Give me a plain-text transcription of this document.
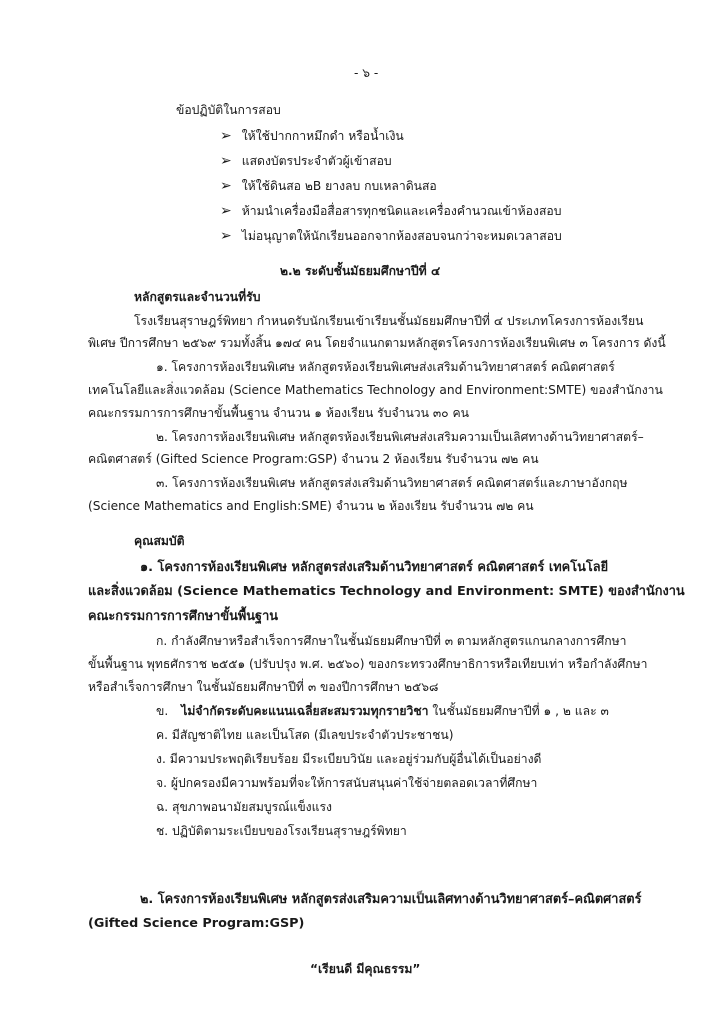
- ๖ -
ข้อปฏิบัติในการสอบ
➢ ให้ใช้ปากกาหมึกดำ หรือน้ำเงิน
➢ แสดงบัตรประจำตัวผู้เข้าสอบ
➢ ให้ใช้ดินสอ ๒B ยางลบ กบเหลาดินสอ
➢ ห้ามนำเครื่องมือสื่อสารทุกชนิดและเครื่องคำนวณเข้าห้องสอบ
➢ ไม่อนุญาตให้นักเรียนออกจากห้องสอบจนกว่าจะหมดเวลาสอบ
๒.๒ ระดับชั้นมัธยมศึกษาปีที่ ๔
หลักสูตรและจำนวนที่รับ
โรงเรียนสุราษฎร์พิทยา กำหนดรับนักเรียนเข้าเรียนชั้นมัธยมศึกษาปีที่ ๔ ประเภทโครงการห้องเรียน
พิเศษ ปีการศึกษา ๒๕๖๙ รวมทั้งสิ้น ๑๗๔ คน โดยจำแนกตามหลักสูตรโครงการห้องเรียนพิเศษ ๓ โครงการ ดังนี้
๑. โครงการห้องเรียนพิเศษ หลักสูตรห้องเรียนพิเศษส่งเสริมด้านวิทยาศาสตร์ คณิตศาสตร์
เทคโนโลยีและสิ่งแวดล้อม (Science Mathematics Technology and Environment:SMTE) ของสำนักงาน
คณะกรรมการการศึกษาขั้นพื้นฐาน จำนวน ๑ ห้องเรียน รับจำนวน ๓๐ คน
๒. โครงการห้องเรียนพิเศษ หลักสูตรห้องเรียนพิเศษส่งเสริมความเป็นเลิศทางด้านวิทยาศาสตร์–
คณิตศาสตร์ (Gifted Science Program:GSP) จำนวน 2 ห้องเรียน รับจำนวน ๗๒ คน
๓. โครงการห้องเรียนพิเศษ หลักสูตรส่งเสริมด้านวิทยาศาสตร์ คณิตศาสตร์และภาษาอังกฤษ
(Science Mathematics and English:SME) จำนวน ๒ ห้องเรียน รับจำนวน ๗๒ คน
คุณสมบัติ
๑. โครงการห้องเรียนพิเศษ หลักสูตรส่งเสริมด้านวิทยาศาสตร์ คณิตศาสตร์ เทคโนโลยี
และสิ่งแวดล้อม (Science Mathematics Technology and Environment: SMTE) ของสำนักงาน
คณะกรรมการการศึกษาขั้นพื้นฐาน
ก. กำลังศึกษาหรือสำเร็จการศึกษาในชั้นมัธยมศึกษาปีที่ ๓ ตามหลักสูตรแกนกลางการศึกษา
ขั้นพื้นฐาน พุทธศักราช ๒๕๕๑ (ปรับปรุง พ.ศ. ๒๕๖๐) ของกระทรวงศึกษาธิการหรือเทียบเท่า หรือกำลังศึกษา
หรือสำเร็จการศึกษา ในชั้นมัธยมศึกษาปีที่ ๓ ของปีการศึกษา ๒๕๖๘
ข. ไม่จำกัดระดับคะแนนเฉลี่ยสะสมรวมทุกรายวิชา ในชั้นมัธยมศึกษาปีที่ ๑ , ๒ และ ๓
ค. มีสัญชาติไทย และเป็นโสด (มีเลขประจำตัวประชาชน)
ง. มีความประพฤติเรียบร้อย มีระเบียบวินัย และอยู่ร่วมกับผู้อื่นได้เป็นอย่างดี
จ. ผู้ปกครองมีความพร้อมที่จะให้การสนับสนุนค่าใช้จ่ายตลอดเวลาที่ศึกษา
ฉ. สุขภาพอนามัยสมบูรณ์แข็งแรง
ช. ปฏิบัติตามระเบียบของโรงเรียนสุราษฎร์พิทยา
๒. โครงการห้องเรียนพิเศษ หลักสูตรส่งเสริมความเป็นเลิศทางด้านวิทยาศาสตร์–คณิตศาสตร์
(Gifted Science Program:GSP)
“เรียนดี มีคุณธรรม”
